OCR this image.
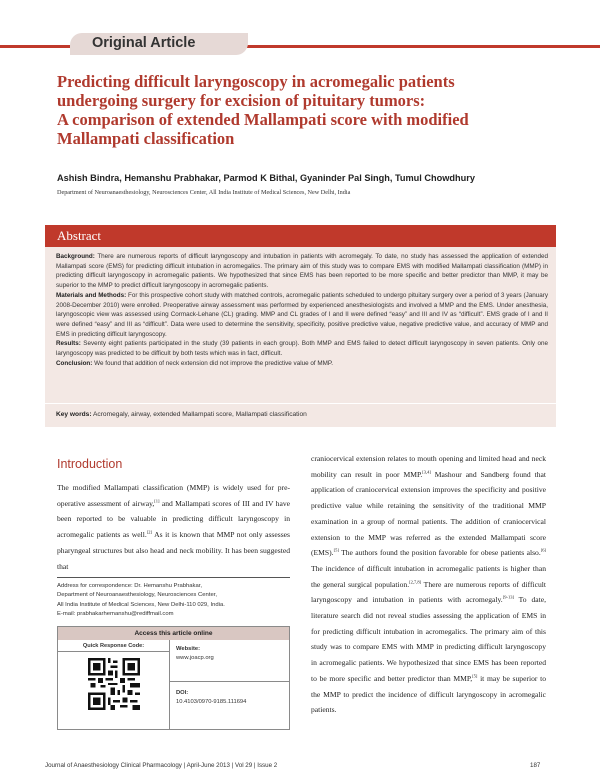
Original Article
Predicting difficult laryngoscopy in acromegalic patients
undergoing surgery for excision of pituitary tumors:
A comparison of extended Mallampati score with modified
Mallampati classification
Ashish Bindra, Hemanshu Prabhakar, Parmod K Bithal, Gyaninder Pal Singh, Tumul Chowdhury
Department of Neuroanaesthesiology, Neurosciences Center, All India Institute of Medical Sciences, New Delhi, India
Abstract

Background: There are numerous reports of difficult laryngoscopy and intubation in patients with acromegaly. To date, no study has assessed the application of extended Mallampati score (EMS) for predicting difficult intubation in acromegalics. The primary aim of this study was to compare EMS with modified Mallampati classification (MMP) in predicting difficult laryngoscopy in acromegalic patients. We hypothesized that since EMS has been reported to be more specific and better predictor than MMP, it may be superior to the MMP to predict difficult laryngoscopy in acromegalic patients.

Materials and Methods: For this prospective cohort study with matched controls, acromegalic patients scheduled to undergo pituitary surgery over a period of 3 years (January 2008-December 2010) were enrolled. Preoperative airway assessment was performed by experienced anesthesiologists and involved a MMP and the EMS. Under anesthesia, laryngoscopic view was assessed using Cormack-Lehane (CL) grading. MMP and CL grades of I and II were defined “easy” and III and IV as “difficult”. EMS grade of I and II were defined “easy” and III as “difficult”. Data were used to determine the sensitivity, specificity, positive predictive value, negative predictive value, and accuracy of MMP and EMS in predicting difficult laryngoscopy.

Results: Seventy eight patients participated in the study (39 patients in each group). Both MMP and EMS failed to detect difficult laryngoscopy in seven patients. Only one laryngoscopy was predicted to be difficult by both tests which was in fact, difficult.

Conclusion: We found that addition of neck extension did not improve the predictive value of MMP.

Key words: Acromegaly, airway, extended Mallampati score, Mallampati classification
Introduction
The modified Mallampati classification (MMP) is widely used for pre-operative assessment of airway,[1] and Mallampati scores of III and IV have been reported to be valuable in predicting difficult laryngoscopy in acromegalic patients as well.[2] As it is known that MMP not only assesses pharyngeal structures but also head and neck mobility. It has been suggested that
craniocervical extension relates to mouth opening and limited head and neck mobility can result in poor MMP.[3,4] Mashour and Sandberg found that application of craniocervical extension improves the specificity and positive predictive value while retaining the sensitivity of the traditional MMP examination in a group of normal patients. The addition of craniocervical extension to the MMP was referred as the extended Mallampati score (EMS).[5] The authors found the position favorable for obese patients also.[6] The incidence of difficult intubation in acromegalic patients is higher than the general surgical population.[2,7,8] There are numerous reports of difficult laryngoscopy and intubation in patients with acromegaly.[9-13] To date, literature search did not reveal studies assessing the application of EMS in for predicting difficult intubation in acromegalics. The primary aim of this study was to compare EMS with MMP in predicting difficult laryngoscopy in acromegalic patients. We hypothesized that since EMS has been reported to be more specific and better predictor than MMP,[5] it may be superior to the MMP to predict the incidence of difficult laryngoscopy in acromegalic patients.
Address for correspondence: Dr. Hemanshu Prabhakar,
Department of Neuroanaesthesiology, Neurosciences Center,
All India Institute of Medical Sciences, New Delhi-110 029, India.
E-mail: prabhakarhemanshu@rediffmail.com
Access this article online
Quick Response Code:	Website:
www.joacp.org
DOI:
10.4103/0970-9185.111694
Journal of Anaesthesiology Clinical Pharmacology | April-June 2013 | Vol 29 | Issue 2	187
